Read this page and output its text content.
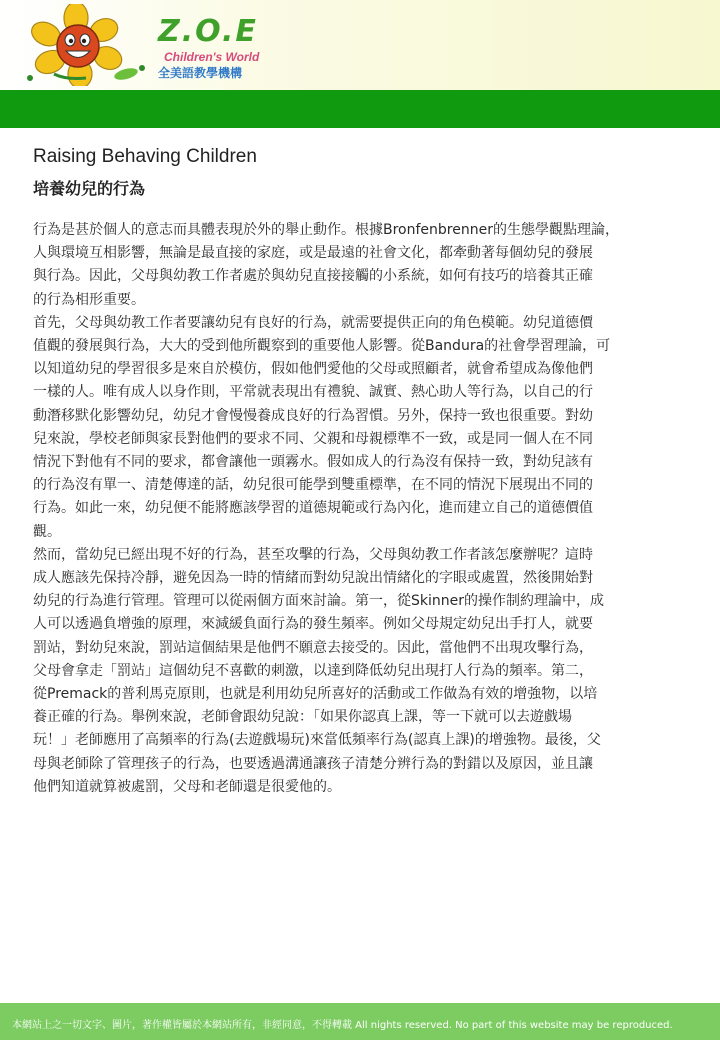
Z.O.E
Children's World
全美語教學機構
Raising Behaving Children
培養幼兒的行為

行為是甚於個人的意志而具體表現於外的舉止動作。根據Bronfenbrenner的生態學觀點理論，
人與環境互相影響，無論是最直接的家庭，或是最遠的社會文化，都牽動著每個幼兒的發展
與行為。因此，父母與幼教工作者處於與幼兒直接接觸的小系統，如何有技巧的培養其正確
的行為相形重要。

首先，父母與幼教工作者要讓幼兒有良好的行為，就需要提供正向的角色模範。幼兒道德價
值觀的發展與行為，大大的受到他所觀察到的重要他人影響。從Bandura的社會學習理論，可
以知道幼兒的學習很多是來自於模仿，假如他們愛他的父母或照顧者，就會希望成為像他們
一樣的人。唯有成人以身作則，平常就表現出有禮貌、誠實、熱心助人等行為，以自己的行
動潛移默化影響幼兒，幼兒才會慢慢養成良好的行為習慣。另外，保持一致也很重要。對幼
兒來說，學校老師與家長對他們的要求不同、父親和母親標準不一致，或是同一個人在不同
情況下對他有不同的要求，都會讓他一頭霧水。假如成人的行為沒有保持一致，對幼兒該有
的行為沒有單一、清楚傳達的話，幼兒很可能學到雙重標準，在不同的情況下展現出不同的
行為。如此一來，幼兒便不能將應該學習的道德規範或行為內化，進而建立自己的道德價值
觀。

然而，當幼兒已經出現不好的行為，甚至攻擊的行為，父母與幼教工作者該怎麼辦呢？這時
成人應該先保持冷靜，避免因為一時的情緒而對幼兒說出情緒化的字眼或處置，然後開始對
幼兒的行為進行管理。管理可以從兩個方面來討論。第一，從Skinner的操作制約理論中，成
人可以透過負增強的原理，來減緩負面行為的發生頻率。例如父母規定幼兒出手打人，就要
罰站，對幼兒來說，罰站這個結果是他們不願意去接受的。因此，當他們不出現攻擊行為，
父母會拿走「罰站」這個幼兒不喜歡的刺激，以達到降低幼兒出現打人行為的頻率。第二，
從Premack的普利馬克原則，也就是利用幼兒所喜好的活動或工作做為有效的增強物，以培
養正確的行為。舉例來說，老師會跟幼兒說：「如果你認真上課，等一下就可以去遊戲場
玩！」老師應用了高頻率的行為(去遊戲場玩)來當低頻率行為(認真上課)的增強物。最後，父
母與老師除了管理孩子的行為，也要透過溝通讓孩子清楚分辨行為的對錯以及原因，並且讓
他們知道就算被處罰，父母和老師還是很愛他的。

本網站上之一切文字、圖片，著作權皆屬於本網站所有，非經同意，不得轉載 All nights reserved. No part of this website may be reproduced.
